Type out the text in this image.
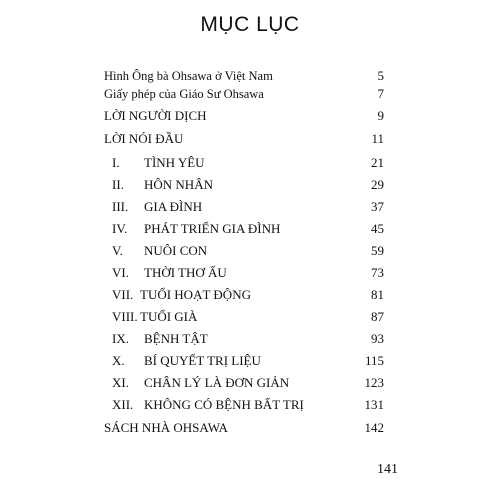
MỤC LỤC
Hình Ông bà Ohsawa ở Việt Nam	5
Giấy phép của Giáo Sư Ohsawa	7
LỜI NGƯỜI DỊCH	9
LỜI NÓI ĐẦU	11
I. TÌNH YÊU	21
II. HÔN NHÂN	29
III. GIA ĐÌNH	37
IV. PHÁT TRIỂN GIA ĐÌNH	45
V. NUÔI CON	59
VI. THỜI THƠ ẤU	73
VII. TUỔI HOẠT ĐỘNG	81
VIII. TUỔI GIÀ	87
IX. BỆNH TẬT	93
X. BÍ QUYẾT TRỊ LIỆU	115
XI. CHÂN LÝ LÀ ĐƠN GIẢN	123
XII. KHÔNG CÓ BỆNH BẤT TRỊ	131
SÁCH NHÀ OHSAWA	142
141
